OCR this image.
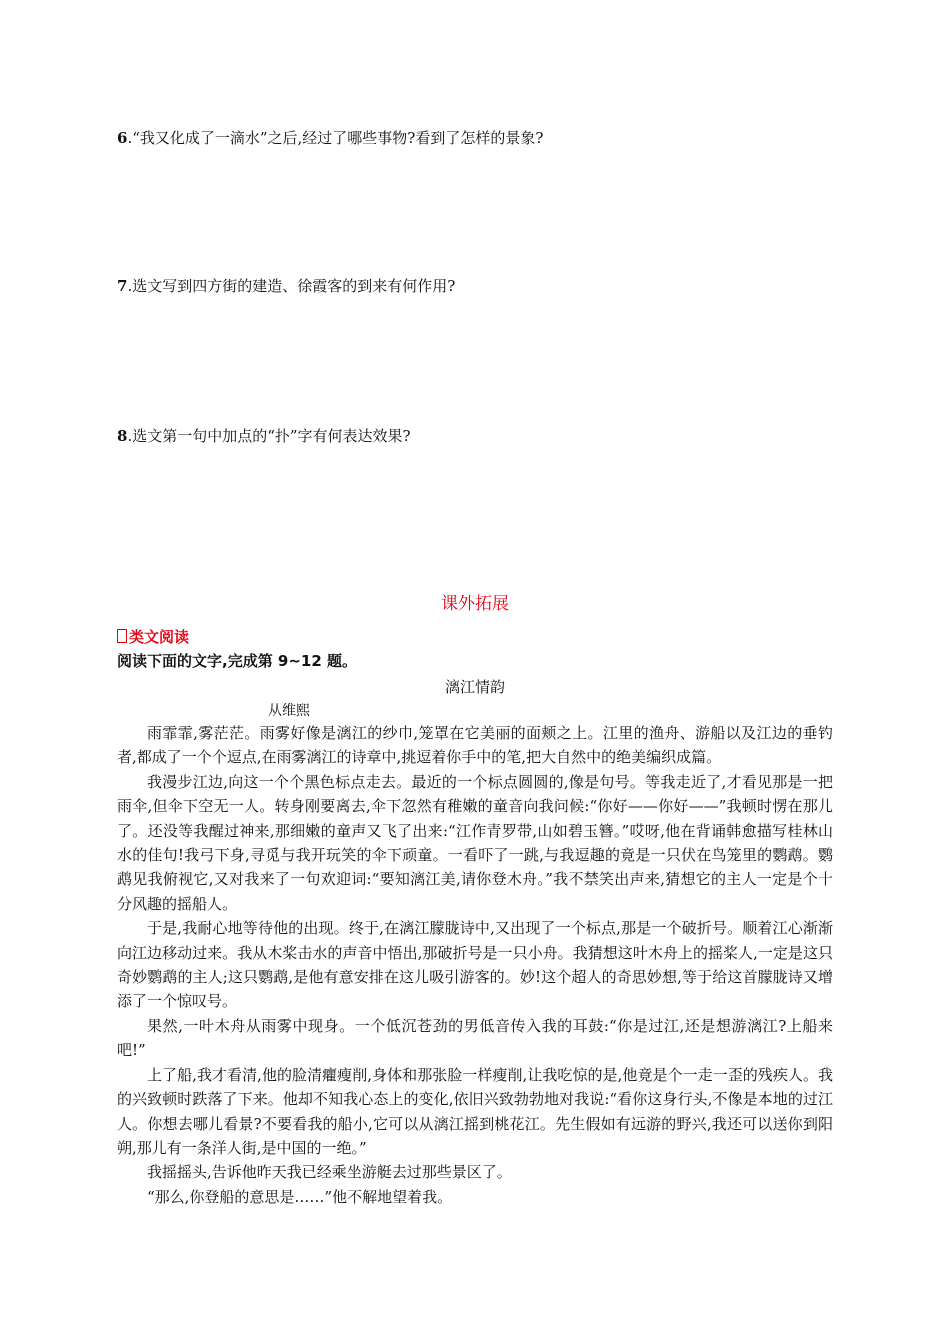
6.“我又化成了一滴水”之后,经过了哪些事物?看到了怎样的景象?
7.选文写到四方街的建造、徐霞客的到来有何作用?
8.选文第一句中加点的“扑”字有何表达效果?
课外拓展
类文阅读
阅读下面的文字,完成第 9~12 题。
漓江情韵
从维熙

雨霏霏,雾茫茫。雨雾好像是漓江的纱巾,笼罩在它美丽的面颊之上。江里的渔舟、游船以及江边的垂钓者,都成了一个个逗点,在雨雾漓江的诗章中,挑逗着你手中的笔,把大自然中的绝美编织成篇。

我漫步江边,向这一个个黑色标点走去。最近的一个标点圆圆的,像是句号。等我走近了,才看见那是一把雨伞,但伞下空无一人。转身刚要离去,伞下忽然有稚嫩的童音向我问候:“你好——你好——”我顿时愣在那儿了。还没等我醒过神来,那细嫩的童声又飞了出来:“江作青罗带,山如碧玉簪。”哎呀,他在背诵韩愈描写桂林山水的佳句!我弓下身,寻觅与我开玩笑的伞下顽童。一看吓了一跳,与我逗趣的竟是一只伏在鸟笼里的鹦鹉。鹦鹉见我俯视它,又对我来了一句欢迎词:“要知漓江美,请你登木舟。”我不禁笑出声来,猜想它的主人一定是个十分风趣的摇船人。

于是,我耐心地等待他的出现。终于,在漓江朦胧诗中,又出现了一个标点,那是一个破折号。顺着江心渐渐向江边移动过来。我从木桨击水的声音中悟出,那破折号是一只小舟。我猜想这叶木舟上的摇桨人,一定是这只奇妙鹦鹉的主人;这只鹦鹉,是他有意安排在这儿吸引游客的。妙!这个超人的奇思妙想,等于给这首朦胧诗又增添了一个惊叹号。

果然,一叶木舟从雨雾中现身。一个低沉苍劲的男低音传入我的耳鼓:“你是过江,还是想游漓江?上船来吧!”

上了船,我才看清,他的脸清癯瘦削,身体和那张脸一样瘦削,让我吃惊的是,他竟是个一走一歪的残疾人。我的兴致顿时跌落了下来。他却不知我心态上的变化,依旧兴致勃勃地对我说:“看你这身行头,不像是本地的过江人。你想去哪儿看景?不要看我的船小,它可以从漓江摇到桃花江。先生假如有远游的野兴,我还可以送你到阳朔,那儿有一条洋人街,是中国的一绝。”

我摇摇头,告诉他昨天我已经乘坐游艇去过那些景区了。

“那么,你登船的意思是……”他不解地望着我。
